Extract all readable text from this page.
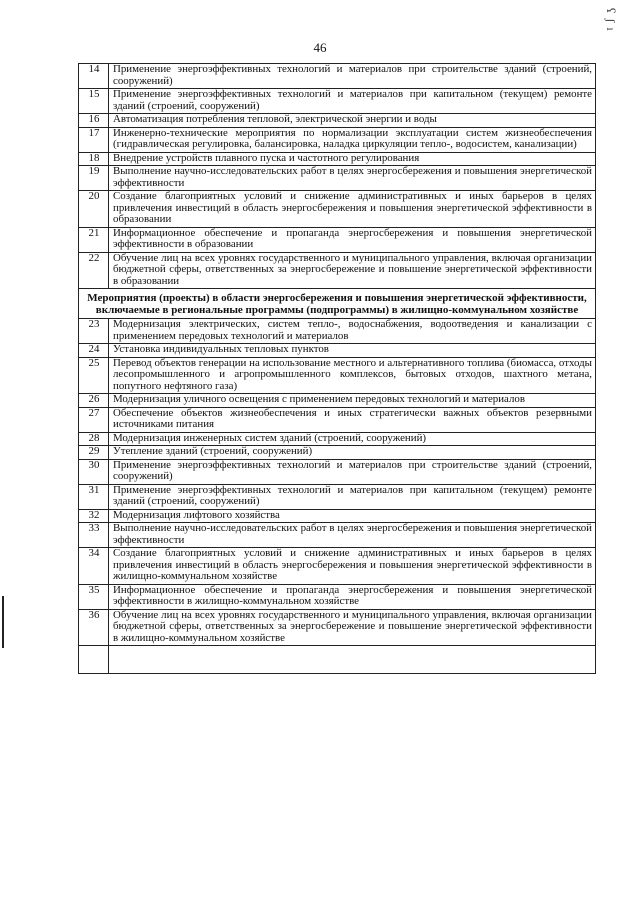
46
ʕ ʃ ı
14	Применение энергоэффективных технологий и материалов при строительстве зданий (строений, сооружений)
15	Применение энергоэффективных технологий и материалов при капитальном (текущем) ремонте зданий (строений, сооружений)
16	Автоматизация потребления тепловой, электрической энергии и воды
17	Инженерно-технические мероприятия по нормализации эксплуатации систем жизнеобеспечения (гидравлическая регулировка, балансировка, наладка циркуляции тепло-, водосистем, канализации)
18	Внедрение устройств плавного пуска и частотного регулирования
19	Выполнение научно-исследовательских работ в целях энергосбережения и повышения энергетической эффективности
20	Создание благоприятных условий и снижение административных и иных барьеров в целях привлечения инвестиций в область энергосбережения и повышения энергетической эффективности в образовании
21	Информационное обеспечение и пропаганда энергосбережения и повышения энергетической эффективности в образовании
22	Обучение лиц на всех уровнях государственного и муниципального управления, включая организации бюджетной сферы, ответственных за энергосбережение и повышение энергетической эффективности в образовании
Мероприятия (проекты) в области энергосбережения и повышения энергетической эффективности, включаемые в региональные программы (подпрограммы) в жилищно-коммунальном хозяйстве	
23	Модернизация электрических, систем тепло-, водоснабжения, водоотведения и канализации с применением передовых технологий и материалов
24	Установка индивидуальных тепловых пунктов
25	Перевод объектов генерации на использование местного и альтернативного топлива (биомасса, отходы лесопромышленного и агропромышленного комплексов, бытовых отходов, шахтного метана, попутного нефтяного газа)
26	Модернизация уличного освещения с применением передовых технологий и материалов
27	Обеспечение объектов жизнеобеспечения и иных стратегически важных объектов резервными источниками питания
28	Модернизация инженерных систем зданий (строений, сооружений)
29	Утепление зданий (строений, сооружений)
30	Применение энергоэффективных технологий и материалов при строительстве зданий (строений, сооружений)
31	Применение энергоэффективных технологий и материалов при капитальном (текущем) ремонте зданий (строений, сооружений)
32	Модернизация лифтового хозяйства
33	Выполнение научно-исследовательских работ в целях энергосбережения и повышения энергетической эффективности
34	Создание благоприятных условий и снижение административных и иных барьеров в целях привлечения инвестиций в область энергосбережения и повышения энергетической эффективности в жилищно-коммунальном хозяйстве
35	Информационное обеспечение и пропаганда энергосбережения и повышения энергетической эффективности в жилищно-коммунальном хозяйстве
36	Обучение лиц на всех уровнях государственного и муниципального управления, включая организации бюджетной сферы, ответственных за энергосбережение и повышение энергетической эффективности в жилищно-коммунальном хозяйстве
